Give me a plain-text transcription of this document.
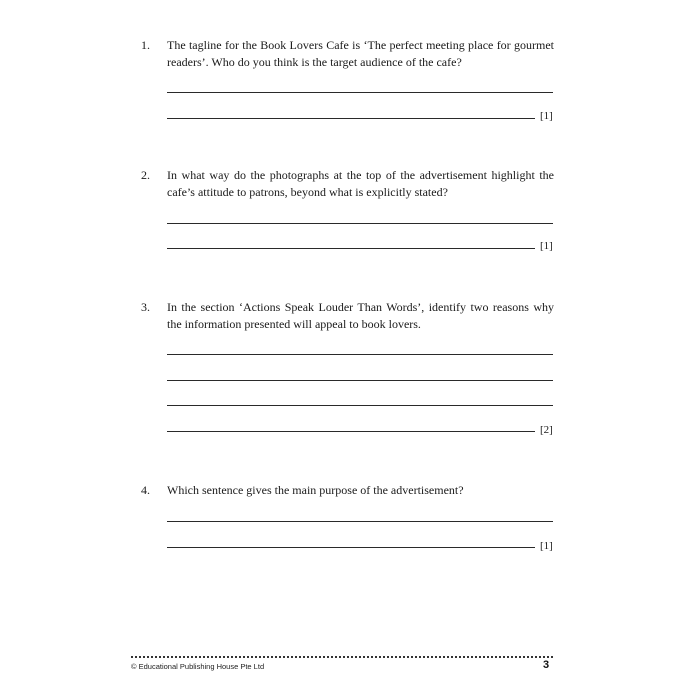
1. The tagline for the Book Lovers Cafe is ‘The perfect meeting place for gourmet readers’. Who do you think is the target audience of the cafe?
[1]
2. In what way do the photographs at the top of the advertisement highlight the cafe’s attitude to patrons, beyond what is explicitly stated?
[1]
3. In the section ‘Actions Speak Louder Than Words’, identify two reasons why the information presented will appeal to book lovers.
[2]
4. Which sentence gives the main purpose of the advertisement?
[1]
© Educational Publishing House Pte Ltd	3
